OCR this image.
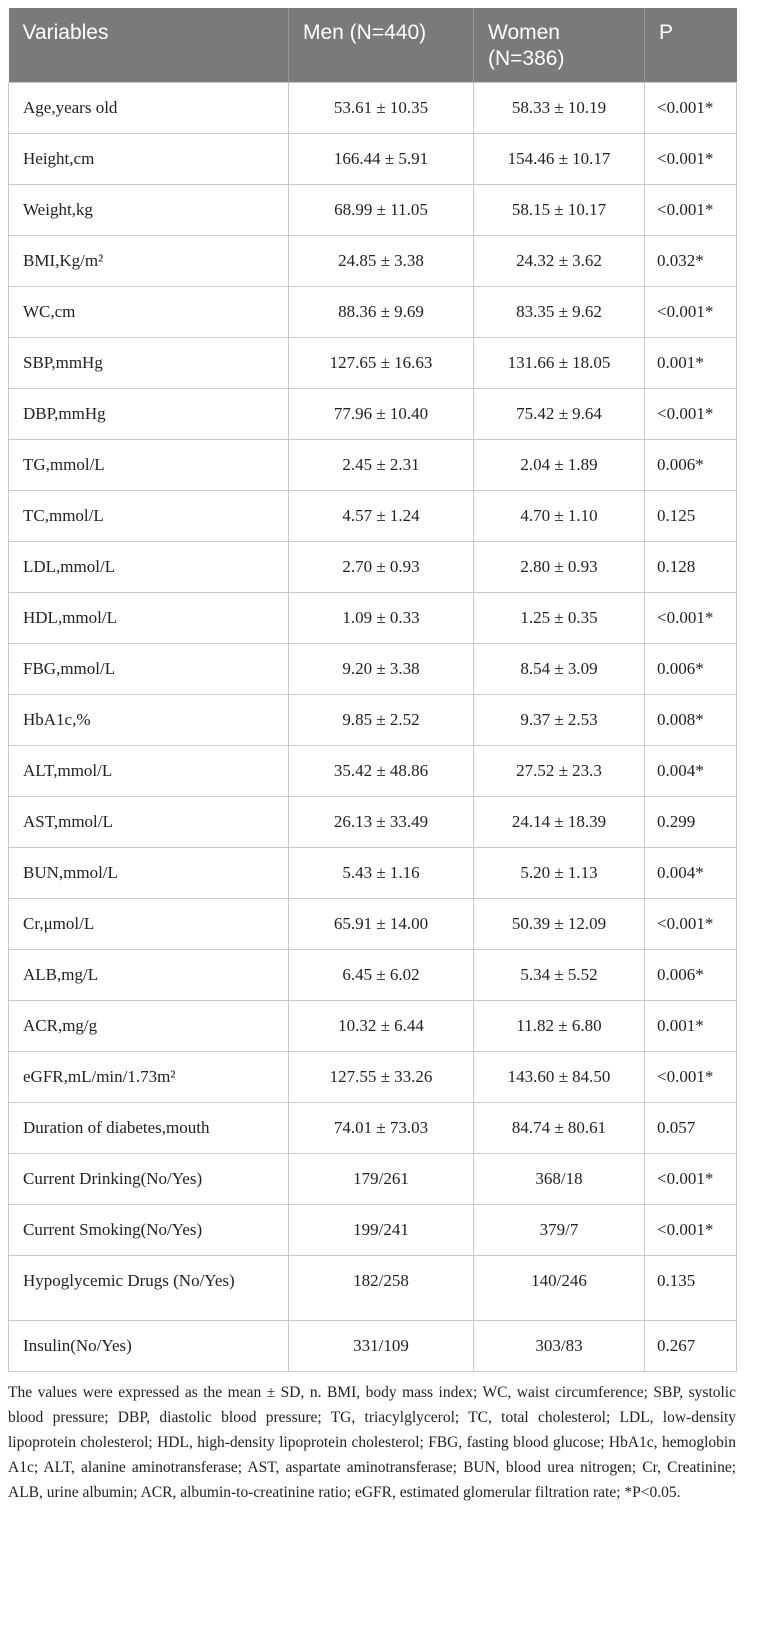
Variables	Men (N=440)	Women (N=386)	P
Age,years old	53.61 ± 10.35	58.33 ± 10.19	<0.001*
Height,cm	166.44 ± 5.91	154.46 ± 10.17	<0.001*
Weight,kg	68.99 ± 11.05	58.15 ± 10.17	<0.001*
BMI,Kg/m²	24.85 ± 3.38	24.32 ± 3.62	0.032*
WC,cm	88.36 ± 9.69	83.35 ± 9.62	<0.001*
SBP,mmHg	127.65 ± 16.63	131.66 ± 18.05	0.001*
DBP,mmHg	77.96 ± 10.40	75.42 ± 9.64	<0.001*
TG,mmol/L	2.45 ± 2.31	2.04 ± 1.89	0.006*
TC,mmol/L	4.57 ± 1.24	4.70 ± 1.10	0.125
LDL,mmol/L	2.70 ± 0.93	2.80 ± 0.93	0.128
HDL,mmol/L	1.09 ± 0.33	1.25 ± 0.35	<0.001*
FBG,mmol/L	9.20 ± 3.38	8.54 ± 3.09	0.006*
HbA1c,%	9.85 ± 2.52	9.37 ± 2.53	0.008*
ALT,mmol/L	35.42 ± 48.86	27.52 ± 23.3	0.004*
AST,mmol/L	26.13 ± 33.49	24.14 ± 18.39	0.299
BUN,mmol/L	5.43 ± 1.16	5.20 ± 1.13	0.004*
Cr,μmol/L	65.91 ± 14.00	50.39 ± 12.09	<0.001*
ALB,mg/L	6.45 ± 6.02	5.34 ± 5.52	0.006*
ACR,mg/g	10.32 ± 6.44	11.82 ± 6.80	0.001*
eGFR,mL/min/1.73m²	127.55 ± 33.26	143.60 ± 84.50	<0.001*
Duration of diabetes,mouth	74.01 ± 73.03	84.74 ± 80.61	0.057
Current Drinking(No/Yes)	179/261	368/18	<0.001*
Current Smoking(No/Yes)	199/241	379/7	<0.001*
Hypoglycemic Drugs (No/Yes)	182/258	140/246	0.135
Insulin(No/Yes)	331/109	303/83	0.267
The values were expressed as the mean ± SD, n. BMI, body mass index; WC, waist circumference; SBP, systolic blood pressure; DBP, diastolic blood pressure; TG, triacylglycerol; TC, total cholesterol; LDL, low-density lipoprotein cholesterol; HDL, high-density lipoprotein cholesterol; FBG, fasting blood glucose; HbA1c, hemoglobin A1c; ALT, alanine aminotransferase; AST, aspartate aminotransferase; BUN, blood urea nitrogen; Cr, Creatinine; ALB, urine albumin; ACR, albumin-to-creatinine ratio; eGFR, estimated glomerular filtration rate; *P<0.05.
